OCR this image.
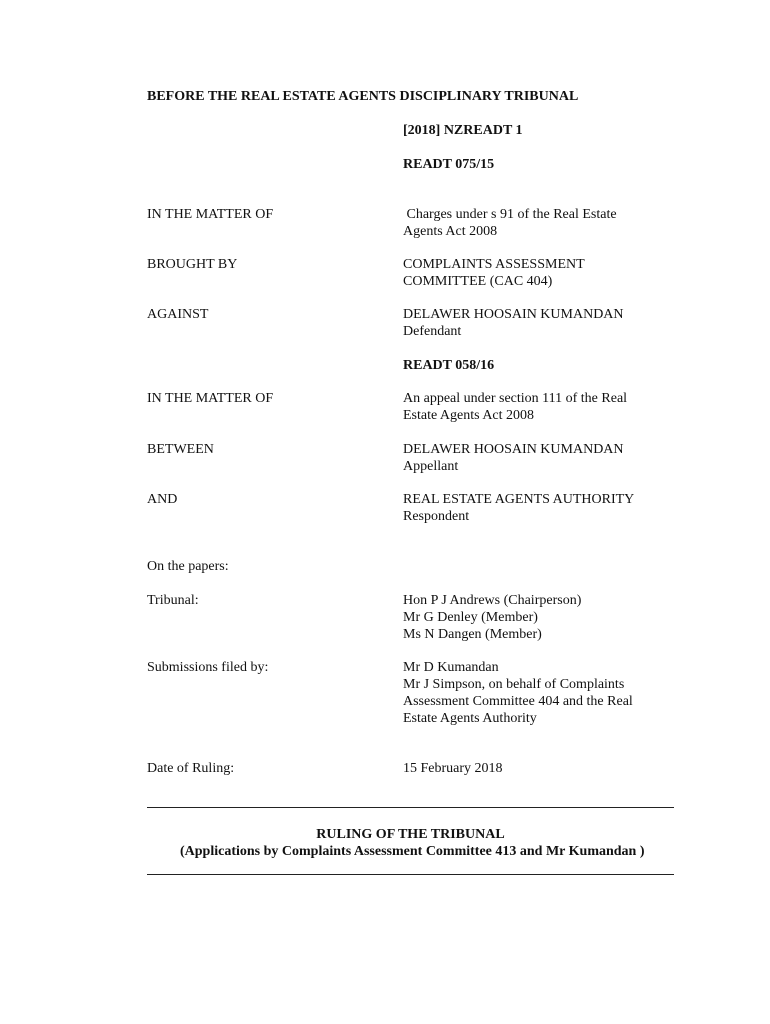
BEFORE THE REAL ESTATE AGENTS DISCIPLINARY TRIBUNAL
[2018] NZREADT 1
READT 075/15
IN THE MATTER OF	Charges under s 91 of the Real Estate
Agents Act 2008
BROUGHT BY	COMPLAINTS ASSESSMENT
COMMITTEE (CAC 404)
AGAINST	DELAWER HOOSAIN KUMANDAN
Defendant
READT 058/16
IN THE MATTER OF	An appeal under section 111 of the Real
Estate Agents Act 2008
BETWEEN	DELAWER HOOSAIN KUMANDAN
Appellant
AND	REAL ESTATE AGENTS AUTHORITY
Respondent
On the papers:
Tribunal:	Hon P J Andrews (Chairperson)
Mr G Denley (Member)
Ms N Dangen (Member)
Submissions filed by:	Mr D Kumandan
Mr J Simpson, on behalf of Complaints
Assessment Committee 404 and the Real
Estate Agents Authority
Date of Ruling:	15 February 2018
RULING OF THE TRIBUNAL
(Applications by Complaints Assessment Committee 413 and Mr Kumandan )
